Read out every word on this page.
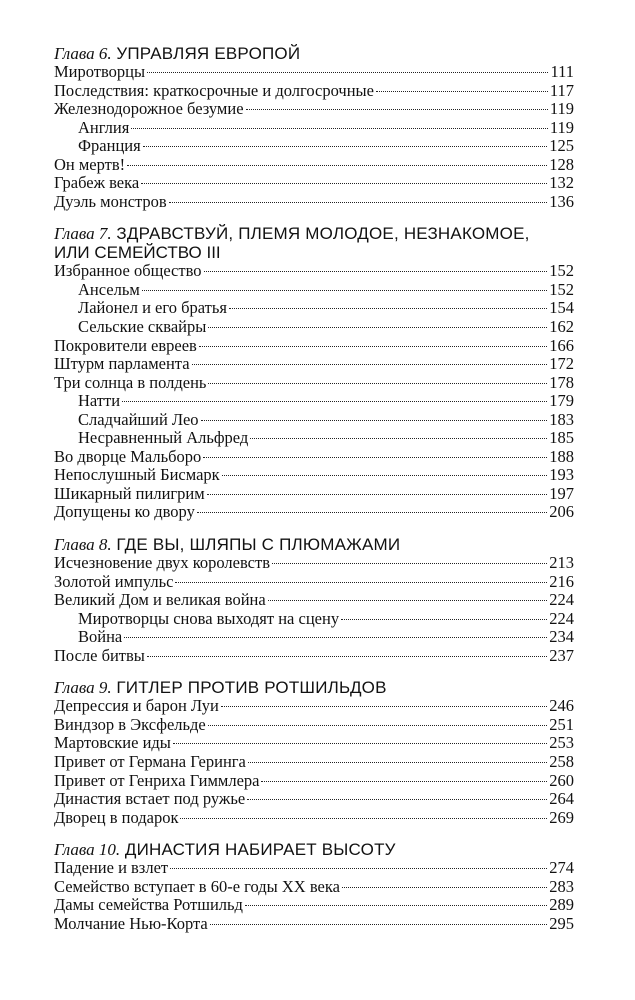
Глава 6. УПРАВЛЯЯ ЕВРОПОЙ
Миротворцы	111
Последствия: краткосрочные и долгосрочные	117
Железнодорожное безумие	119
Англия	119
Франция	125
Он мертв!	128
Грабеж века	132
Дуэль монстров	136
Глава 7. ЗДРАВСТВУЙ, ПЛЕМЯ МОЛОДОЕ, НЕЗНАКОМОЕ,
ИЛИ СЕМЕЙСТВО III
Избранное общество	152
Ансельм	152
Лайонел и его братья	154
Сельские сквайры	162
Покровители евреев	166
Штурм парламента	172
Три солнца в полдень	178
Натти	179
Сладчайший Лео	183
Несравненный Альфред	185
Во дворце Мальборо	188
Непослушный Бисмарк	193
Шикарный пилигрим	197
Допущены ко двору	206
Глава 8. ГДЕ ВЫ, ШЛЯПЫ С ПЛЮМАЖАМИ
Исчезновение двух королевств	213
Золотой импульс	216
Великий Дом и великая война	224
Миротворцы снова выходят на сцену	224
Война	234
После битвы	237
Глава 9. ГИТЛЕР ПРОТИВ РОТШИЛЬДОВ
Депрессия и барон Луи	246
Виндзор в Эксфельде	251
Мартовские иды	253
Привет от Германа Геринга	258
Привет от Генриха Гиммлера	260
Династия встает под ружье	264
Дворец в подарок	269
Глава 10. ДИНАСТИЯ НАБИРАЕТ ВЫСОТУ
Падение и взлет	274
Семейство вступает в 60-е годы XX века	283
Дамы семейства Ротшильд	289
Молчание Нью-Корта	295
